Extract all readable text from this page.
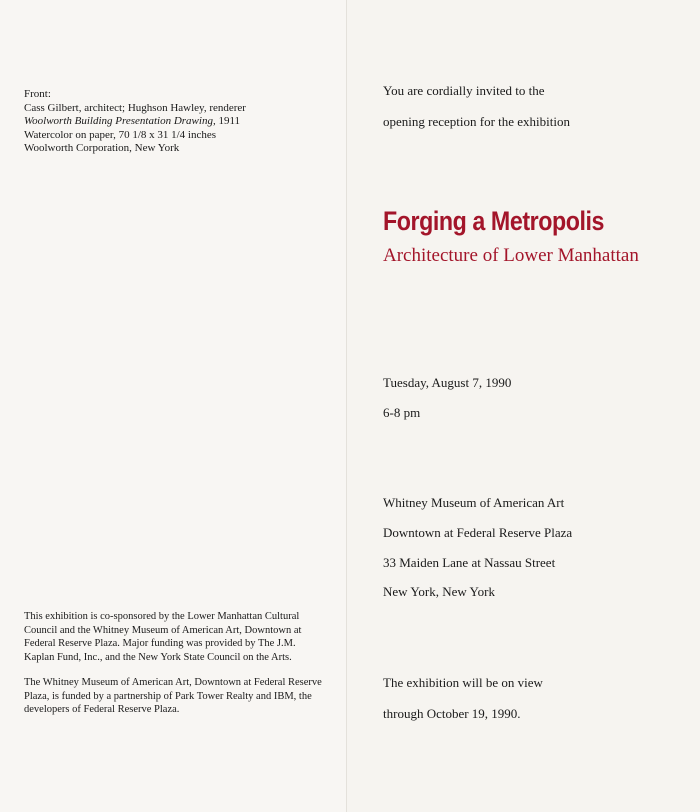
Front:
Cass Gilbert, architect; Hughson Hawley, renderer
Woolworth Building Presentation Drawing, 1911
Watercolor on paper, 70 1/8 x 31 1/4 inches
Woolworth Corporation, New York

This exhibition is co-sponsored by the Lower Manhattan Cultural Council and the Whitney Museum of American Art, Downtown at Federal Reserve Plaza. Major funding was provided by The J.M. Kaplan Fund, Inc., and the New York State Council on the Arts.

The Whitney Museum of American Art, Downtown at Federal Reserve Plaza, is funded by a partnership of Park Tower Realty and IBM, the developers of Federal Reserve Plaza.

You are cordially invited to the
opening reception for the exhibition
Forging a Metropolis
Architecture of Lower Manhattan
Tuesday, August 7, 1990
6-8 pm
Whitney Museum of American Art
Downtown at Federal Reserve Plaza
33 Maiden Lane at Nassau Street
New York, New York
The exhibition will be on view
through October 19, 1990.
